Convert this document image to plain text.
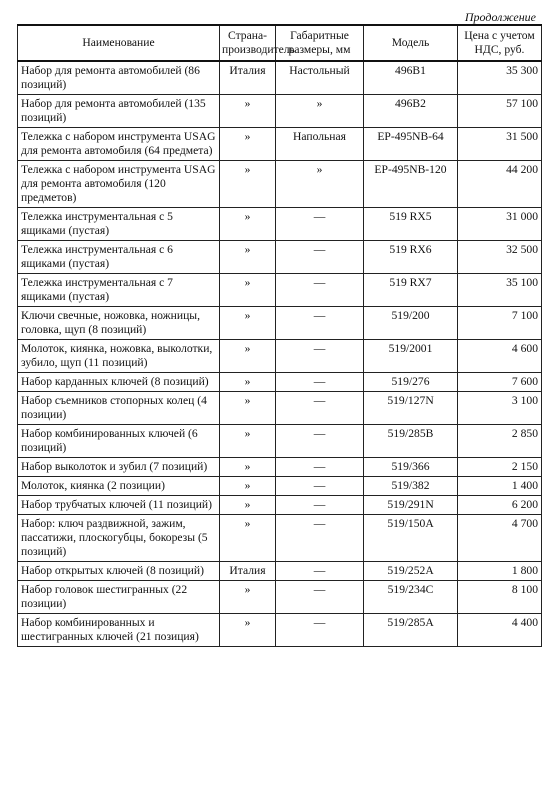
Продолжение
Наименование	Страна-производитель	Габаритные размеры, мм	Модель	Цена с учетом НДС, руб.
Набор для ремонта автомобилей (86 позиций)	Италия	Настольный	496B1	35 300
Набор для ремонта автомобилей (135 позиций)	»	»	496B2	57 100
Тележка с набором инструмента USAG для ремонта автомобиля (64 предмета)	»	Напольная	EP-495NB-64	31 500
Тележка с набором инструмента USAG для ремонта автомобиля (120 предметов)	»	»	EP-495NB-120	44 200
Тележка инструментальная с 5 ящиками (пустая)	»	—	519 RX5	31 000
Тележка инструментальная с 6 ящиками (пустая)	»	—	519 RX6	32 500
Тележка инструментальная с 7 ящиками (пустая)	»	—	519 RX7	35 100
Ключи свечные, ножовка, ножницы, головка, щуп (8 позиций)	»	—	519/200	7 100
Молоток, киянка, ножовка, выколотки, зубило, щуп (11 позиций)	»	—	519/2001	4 600
Набор карданных ключей (8 позиций)	»	—	519/276	7 600
Набор съемников стопорных колец (4 позиции)	»	—	519/127N	3 100
Набор комбинированных ключей (6 позиций)	»	—	519/285B	2 850
Набор выколоток и зубил (7 позиций)	»	—	519/366	2 150
Молоток, киянка (2 позиции)	»	—	519/382	1 400
Набор трубчатых ключей (11 позиций)	»	—	519/291N	6 200
Набор: ключ раздвижной, зажим, пассатижи, плоскогубцы, бокорезы (5 позиций)	»	—	519/150A	4 700
Набор открытых ключей (8 позиций)	Италия	—	519/252A	1 800
Набор головок шестигранных (22 позиции)	»	—	519/234C	8 100
Набор комбинированных и шестигранных ключей (21 позиция)	»	—	519/285A	4 400
